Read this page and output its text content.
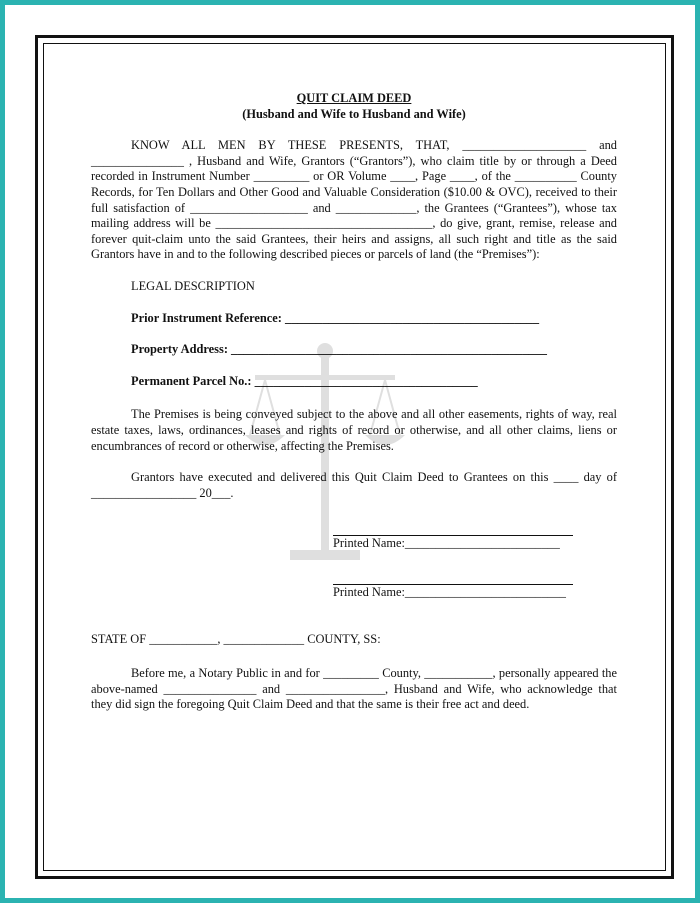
QUIT CLAIM DEED

(Husband and Wife to Husband and Wife)

KNOW ALL MEN BY THESE PRESENTS, THAT, ____________________ and _______________ , Husband and Wife, Grantors (“Grantors”), who claim title by or through a Deed recorded in Instrument Number _________ or OR Volume ____, Page ____, of the __________ County Records, for Ten Dollars and Other Good and Valuable Consideration ($10.00 & OVC), received to their full satisfaction of ___________________ and _____________, the Grantees (“Grantees”), whose tax mailing address will be ___________________________________, do give, grant, remise, release and forever quit-claim unto the said Grantees, their heirs and assigns, all such right and title as the said Grantors have in and to the following described pieces or parcels of land (the “Premises”):

LEGAL DESCRIPTION

Prior Instrument Reference: _________________________________________

Property Address: ___________________________________________________

Permanent Parcel No.: ____________________________________

The Premises is being conveyed subject to the above and all other easements, rights of way, real estate taxes, laws, ordinances, leases and rights of record or otherwise, and all other claims, liens or encumbrances of record or otherwise, affecting the Premises.

Grantors have executed and delivered this Quit Claim Deed to Grantees on this ____ day of _________________ 20___.

Printed Name:_________________________

Printed Name:__________________________

STATE OF ___________, _____________ COUNTY, SS:

Before me, a Notary Public in and for _________ County, ___________, personally appeared the above-named _______________ and ________________, Husband and Wife, who acknowledge that they did sign the foregoing Quit Claim Deed and that the same is their free act and deed.
